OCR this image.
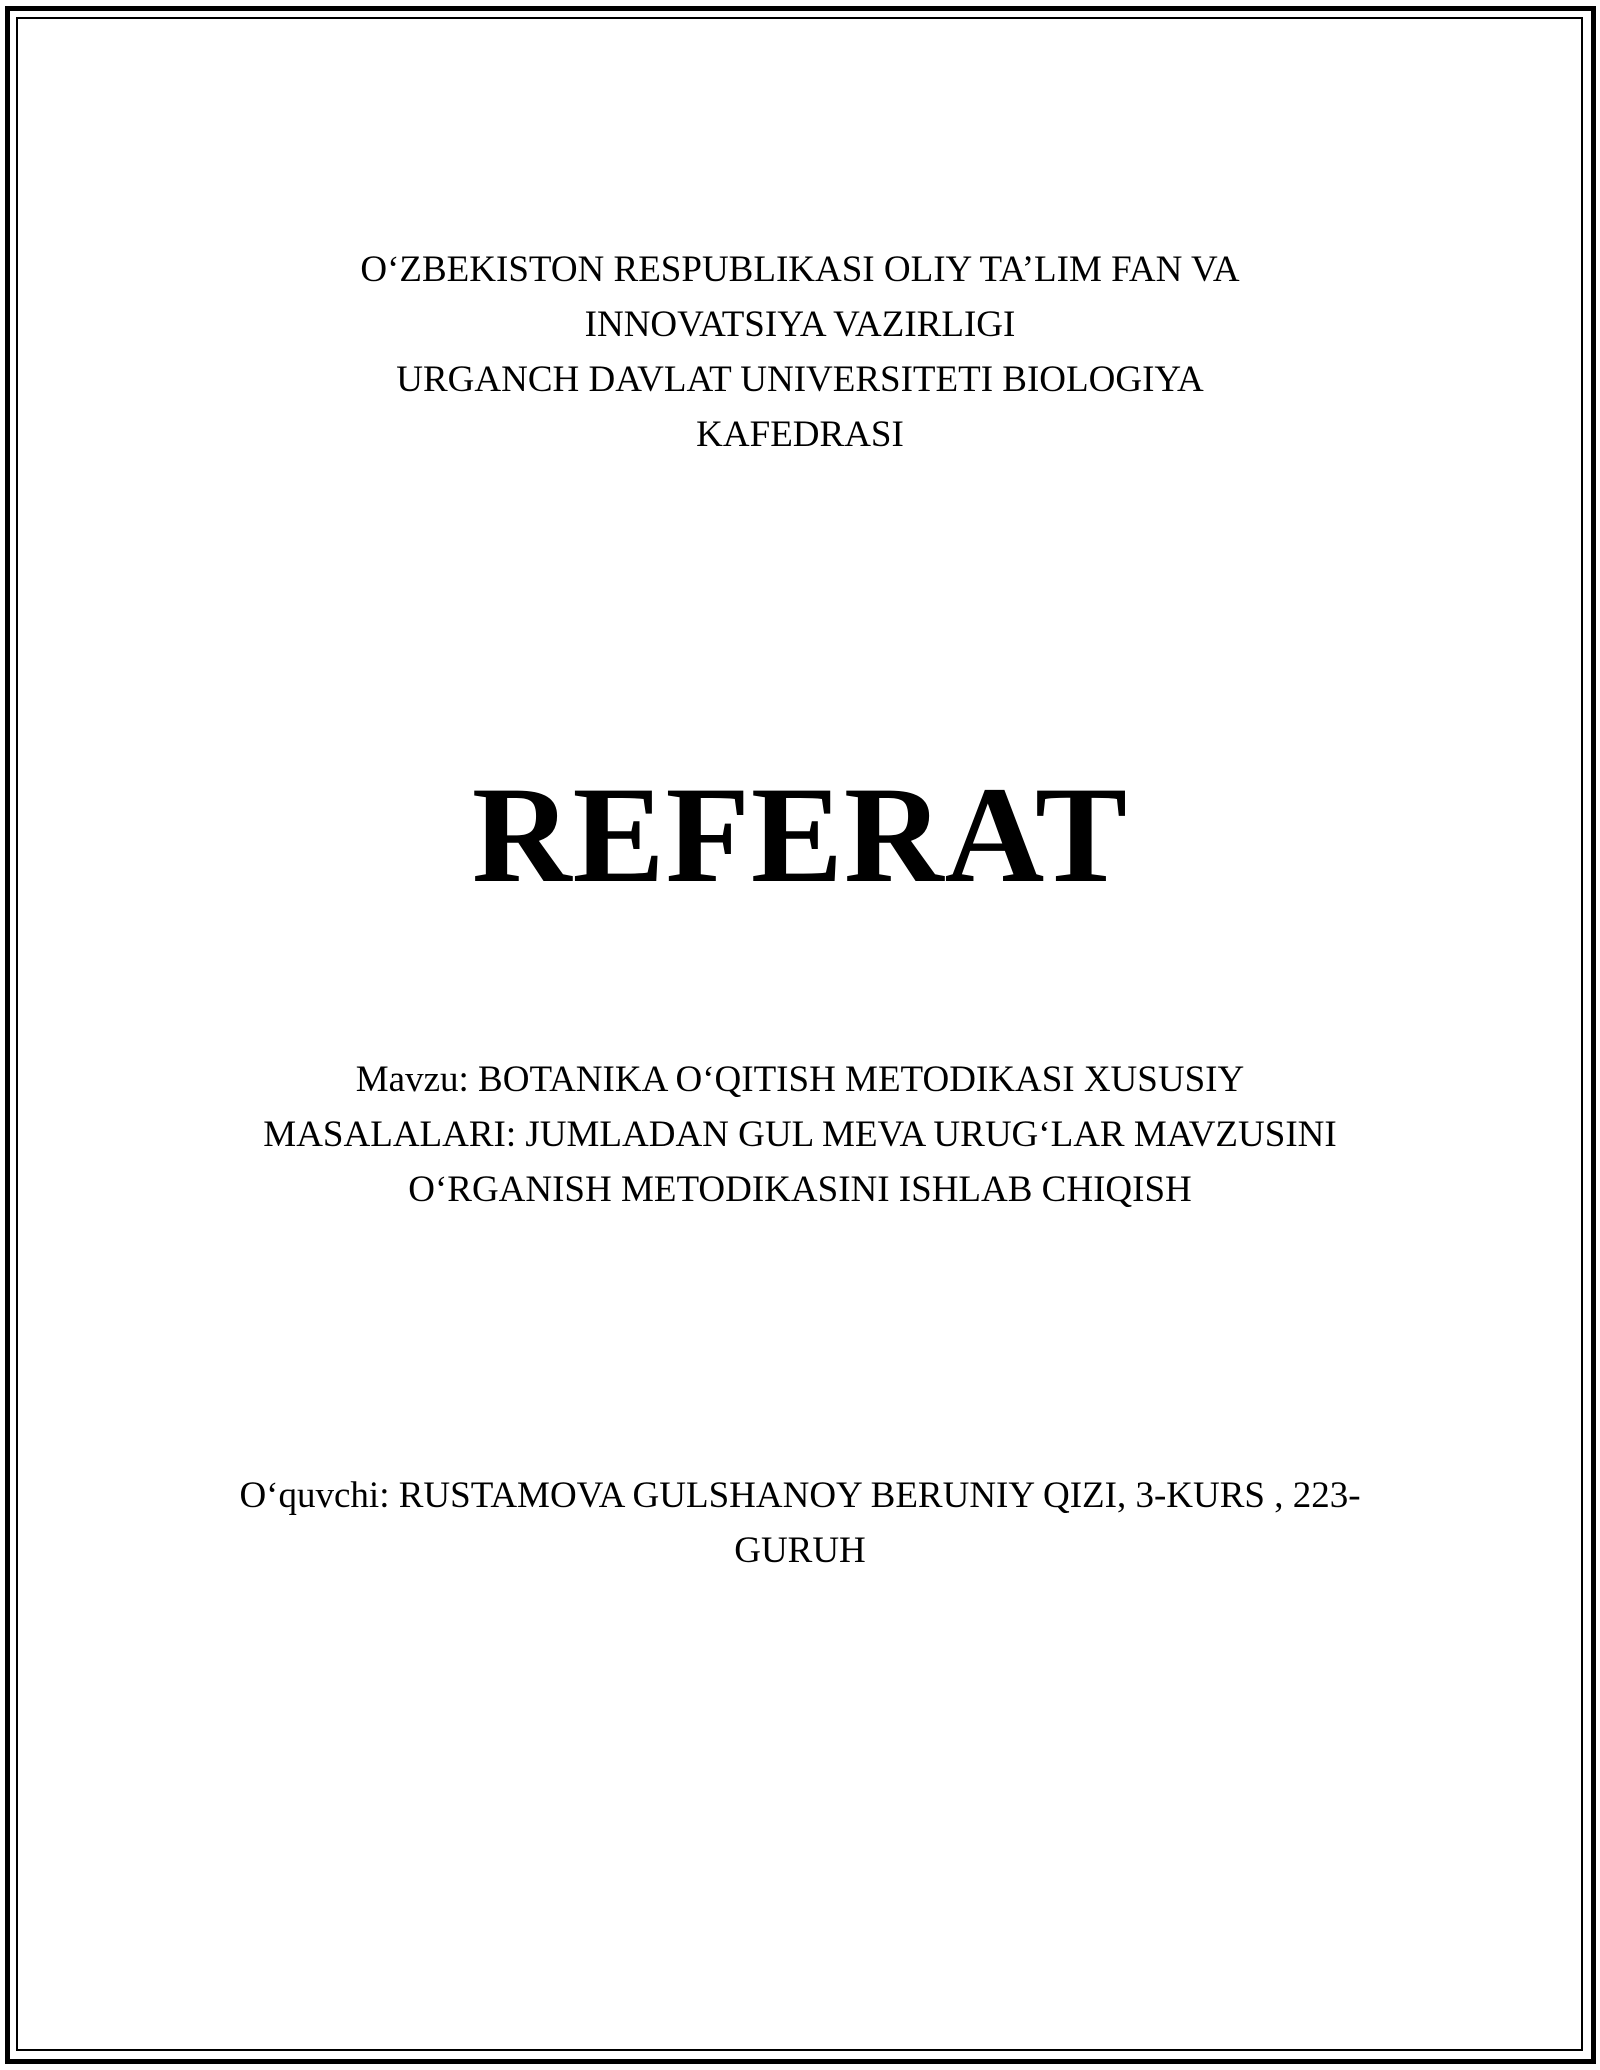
O‘ZBEKISTON RESPUBLIKASI OLIY TA’LIM FAN VA
INNOVATSIYA VAZIRLIGI
URGANCH DAVLAT UNIVERSITETI BIOLOGIYA
KAFEDRASI
REFERAT
Mavzu: BOTANIKA O‘QITISH METODIKASI XUSUSIY
MASALALARI: JUMLADAN GUL MEVA URUG‘LAR MAVZUSINI
O‘RGANISH METODIKASINI ISHLAB CHIQISH
O‘quvchi: RUSTAMOVA GULSHANOY BERUNIY QIZI, 3-KURS , 223-
GURUH
